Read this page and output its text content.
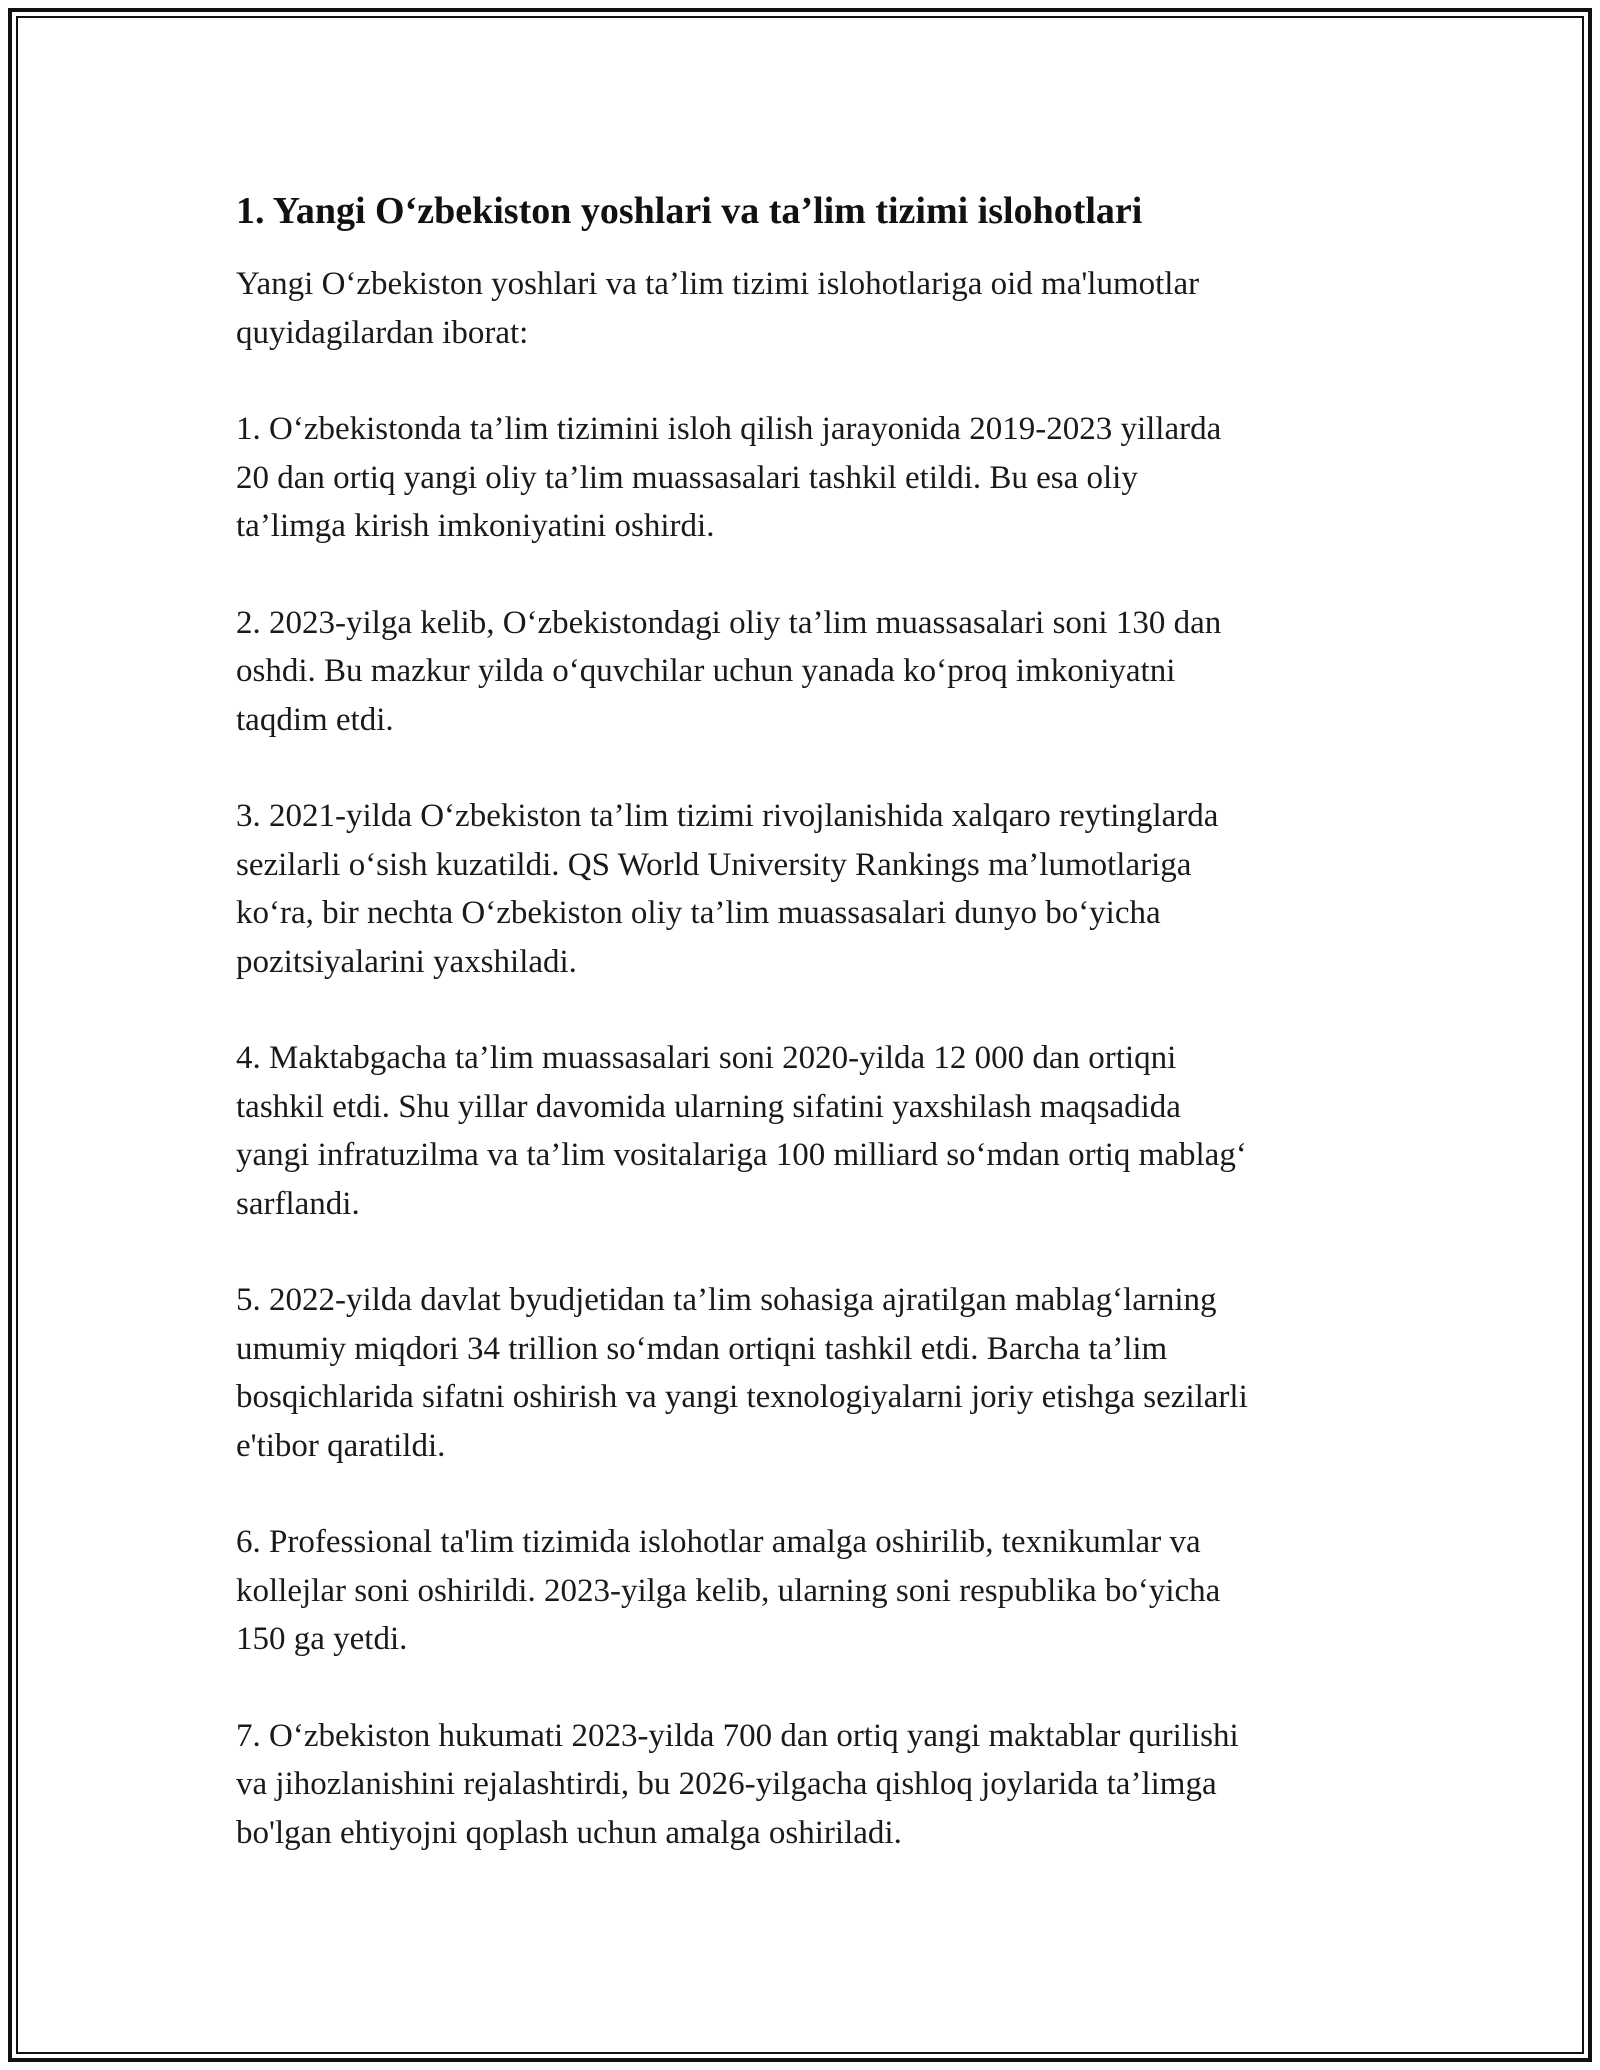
1. Yangi O‘zbekiston yoshlari va ta’lim tizimi islohotlari

Yangi O‘zbekiston yoshlari va ta’lim tizimi islohotlariga oid ma'lumotlar
quyidagilardan iborat:

1. O‘zbekistonda ta’lim tizimini isloh qilish jarayonida 2019-2023 yillarda
20 dan ortiq yangi oliy ta’lim muassasalari tashkil etildi. Bu esa oliy
ta’limga kirish imkoniyatini oshirdi.

2. 2023-yilga kelib, O‘zbekistondagi oliy ta’lim muassasalari soni 130 dan
oshdi. Bu mazkur yilda o‘quvchilar uchun yanada ko‘proq imkoniyatni
taqdim etdi.

3. 2021-yilda O‘zbekiston ta’lim tizimi rivojlanishida xalqaro reytinglarda
sezilarli o‘sish kuzatildi. QS World University Rankings ma’lumotlariga
ko‘ra, bir nechta O‘zbekiston oliy ta’lim muassasalari dunyo bo‘yicha
pozitsiyalarini yaxshiladi.

4. Maktabgacha ta’lim muassasalari soni 2020-yilda 12 000 dan ortiqni
tashkil etdi. Shu yillar davomida ularning sifatini yaxshilash maqsadida
yangi infratuzilma va ta’lim vositalariga 100 milliard so‘mdan ortiq mablag‘
sarflandi.

5. 2022-yilda davlat byudjetidan ta’lim sohasiga ajratilgan mablag‘larning
umumiy miqdori 34 trillion so‘mdan ortiqni tashkil etdi. Barcha ta’lim
bosqichlarida sifatni oshirish va yangi texnologiyalarni joriy etishga sezilarli
e'tibor qaratildi.

6. Professional ta'lim tizimida islohotlar amalga oshirilib, texnikumlar va
kollejlar soni oshirildi. 2023-yilga kelib, ularning soni respublika bo‘yicha
150 ga yetdi.

7. O‘zbekiston hukumati 2023-yilda 700 dan ortiq yangi maktablar qurilishi
va jihozlanishini rejalashtirdi, bu 2026-yilgacha qishloq joylarida ta’limga
bo'lgan ehtiyojni qoplash uchun amalga oshiriladi.
